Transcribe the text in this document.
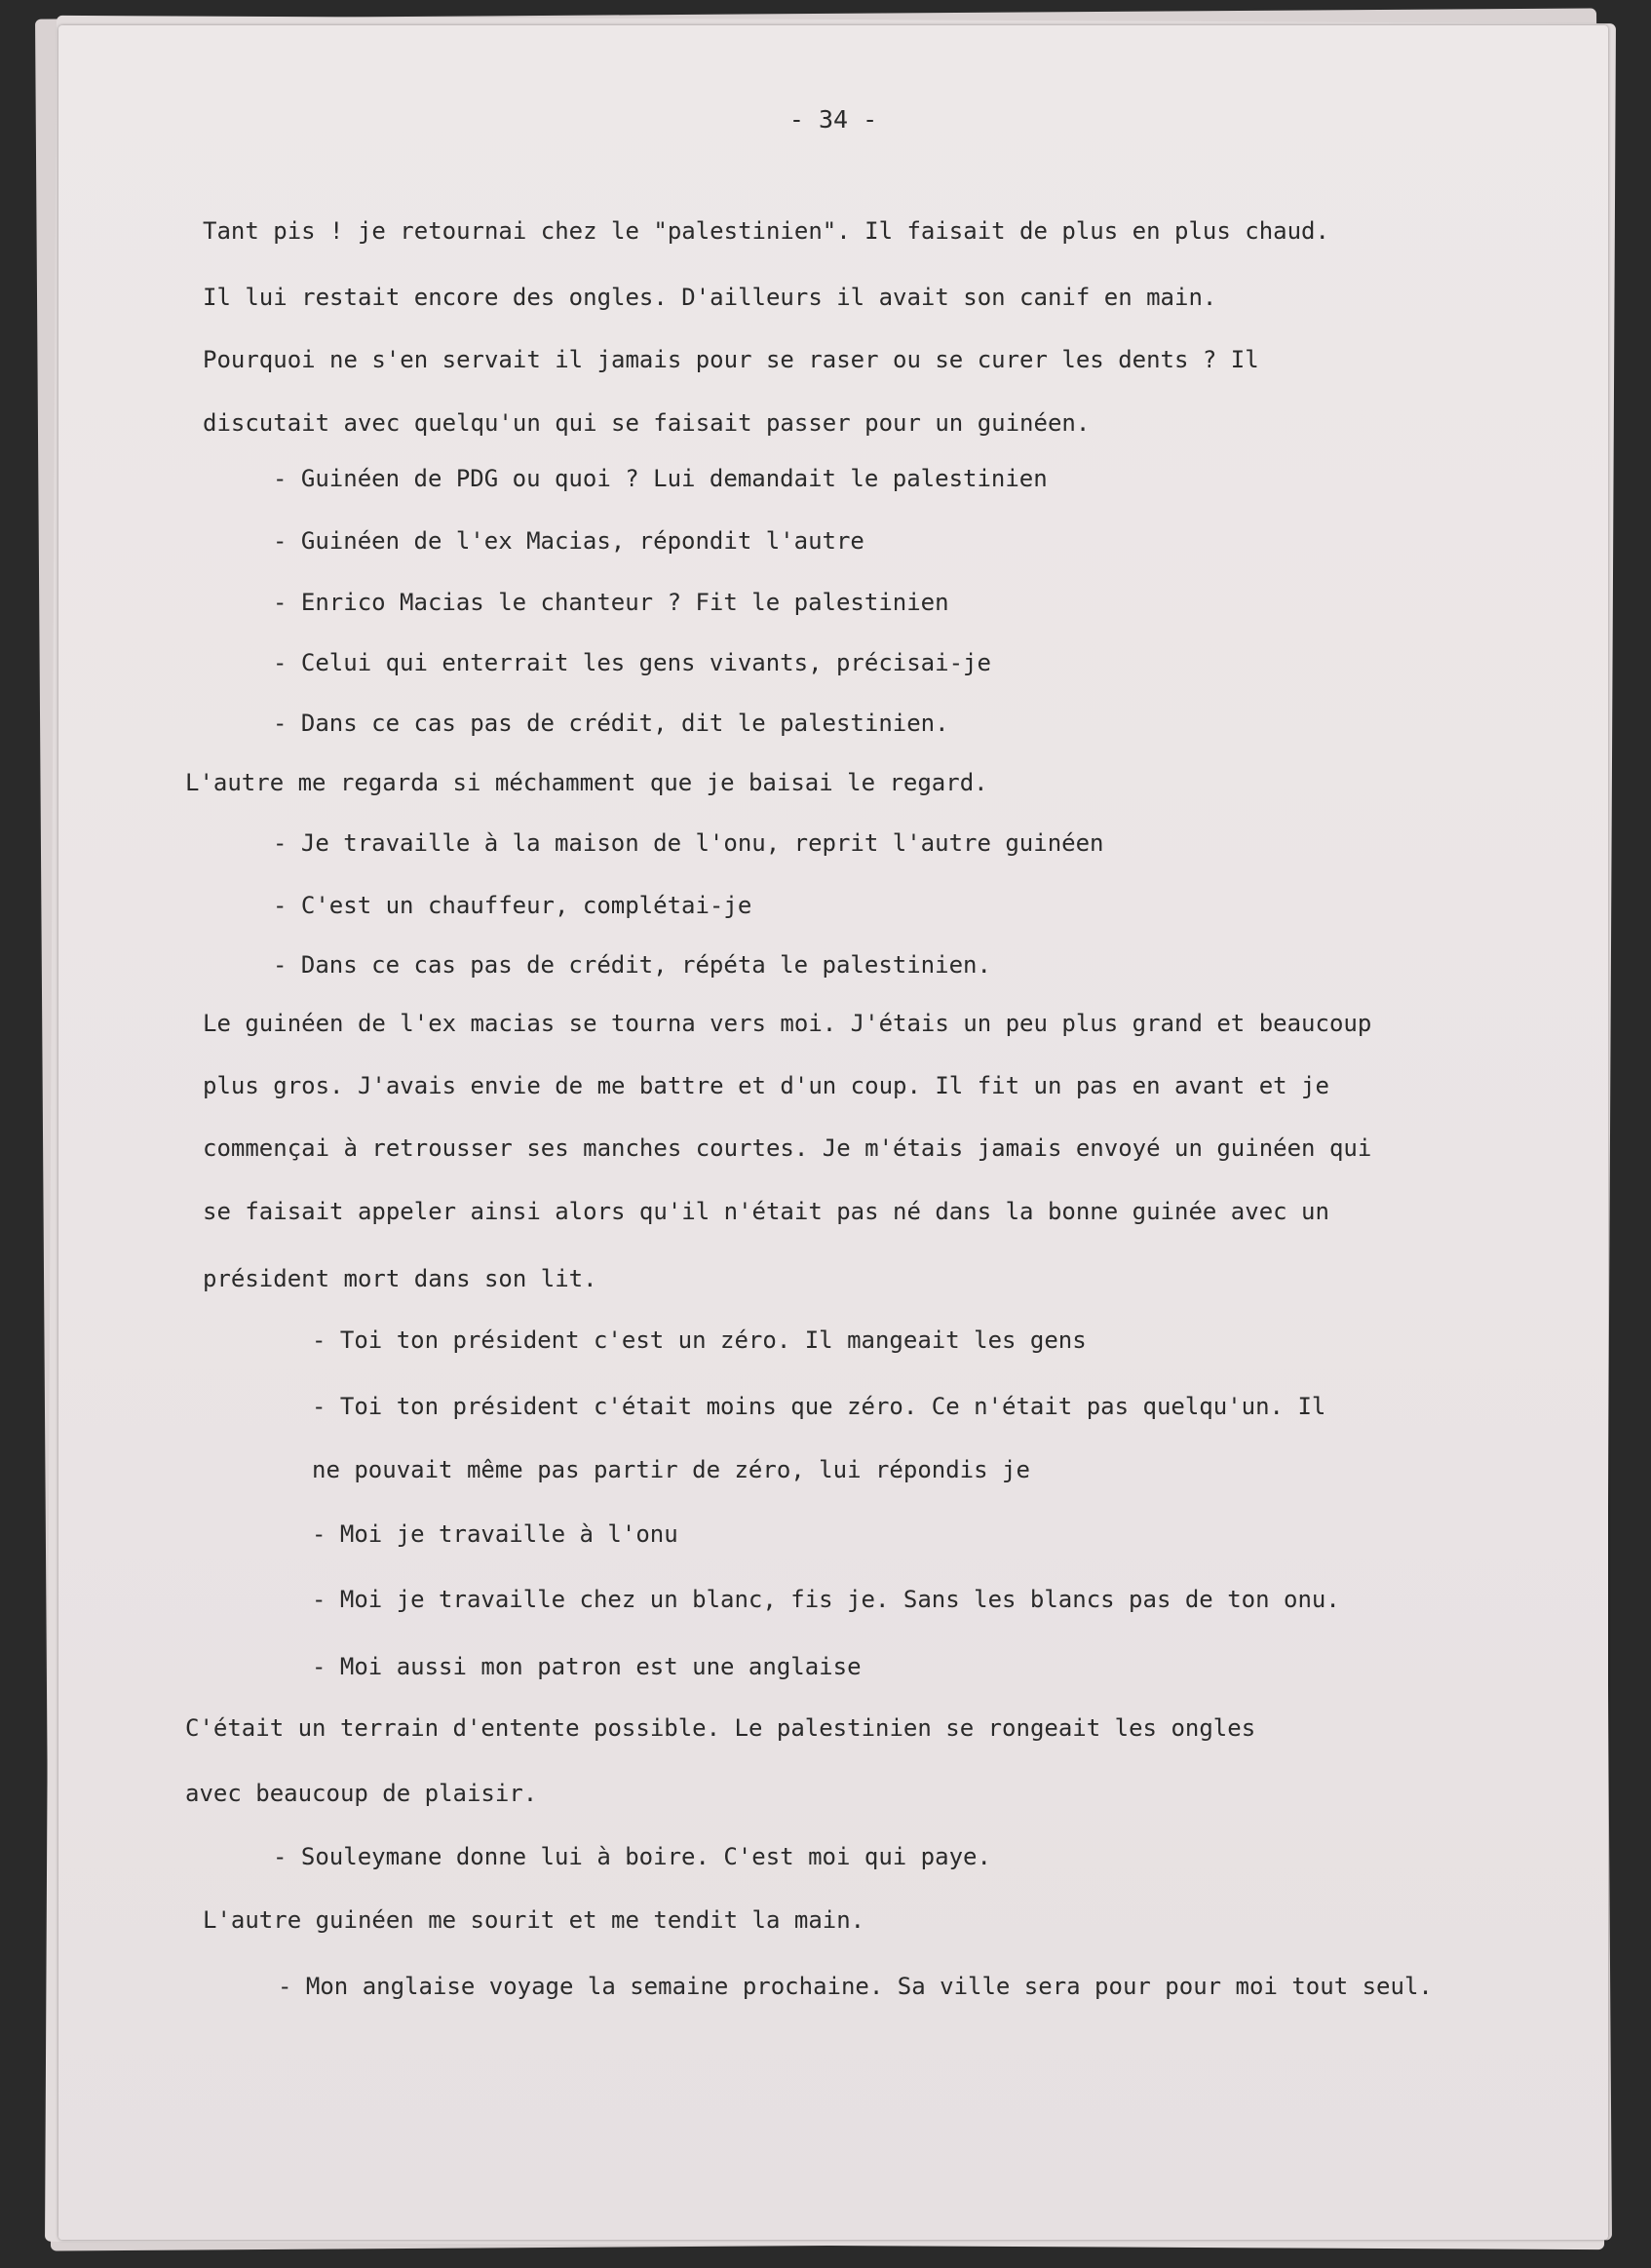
- 34 -
Tant pis ! je retournai chez le "palestinien". Il faisait de plus en plus chaud.
Il lui restait encore des ongles. D'ailleurs il avait son canif en main.
Pourquoi ne s'en servait il jamais pour se raser ou se curer les dents ? Il
discutait avec quelqu'un qui se faisait passer pour un guinéen.
- Guinéen de PDG ou quoi ? Lui demandait le palestinien
- Guinéen de l'ex Macias, répondit l'autre
- Enrico Macias le chanteur ? Fit le palestinien
- Celui qui enterrait les gens vivants, précisai-je
- Dans ce cas pas de crédit, dit le palestinien.
L'autre me regarda si méchamment que je baisai le regard.
- Je travaille à la maison de l'onu, reprit l'autre guinéen
- C'est un chauffeur, complétai-je
- Dans ce cas pas de crédit, répéta le palestinien.
Le guinéen de l'ex macias se tourna vers moi. J'étais un peu plus grand et beaucoup
plus gros. J'avais envie de me battre et d'un coup. Il fit un pas en avant et je
commençai à retrousser ses manches courtes. Je m'étais jamais envoyé un guinéen qui
se faisait appeler ainsi alors qu'il n'était pas né dans la bonne guinée avec un
président mort dans son lit.
- Toi ton président c'est un zéro. Il mangeait les gens
- Toi ton président c'était moins que zéro. Ce n'était pas quelqu'un. Il
ne pouvait même pas partir de zéro, lui répondis je
- Moi je travaille à l'onu
- Moi je travaille chez un blanc, fis je. Sans les blancs pas de ton onu.
- Moi aussi mon patron est une anglaise
C'était un terrain d'entente possible. Le palestinien se rongeait les ongles
avec beaucoup de plaisir.
- Souleymane donne lui à boire. C'est moi qui paye.
L'autre guinéen me sourit et me tendit la main.
- Mon anglaise voyage la semaine prochaine. Sa ville sera pour pour moi tout seul.
